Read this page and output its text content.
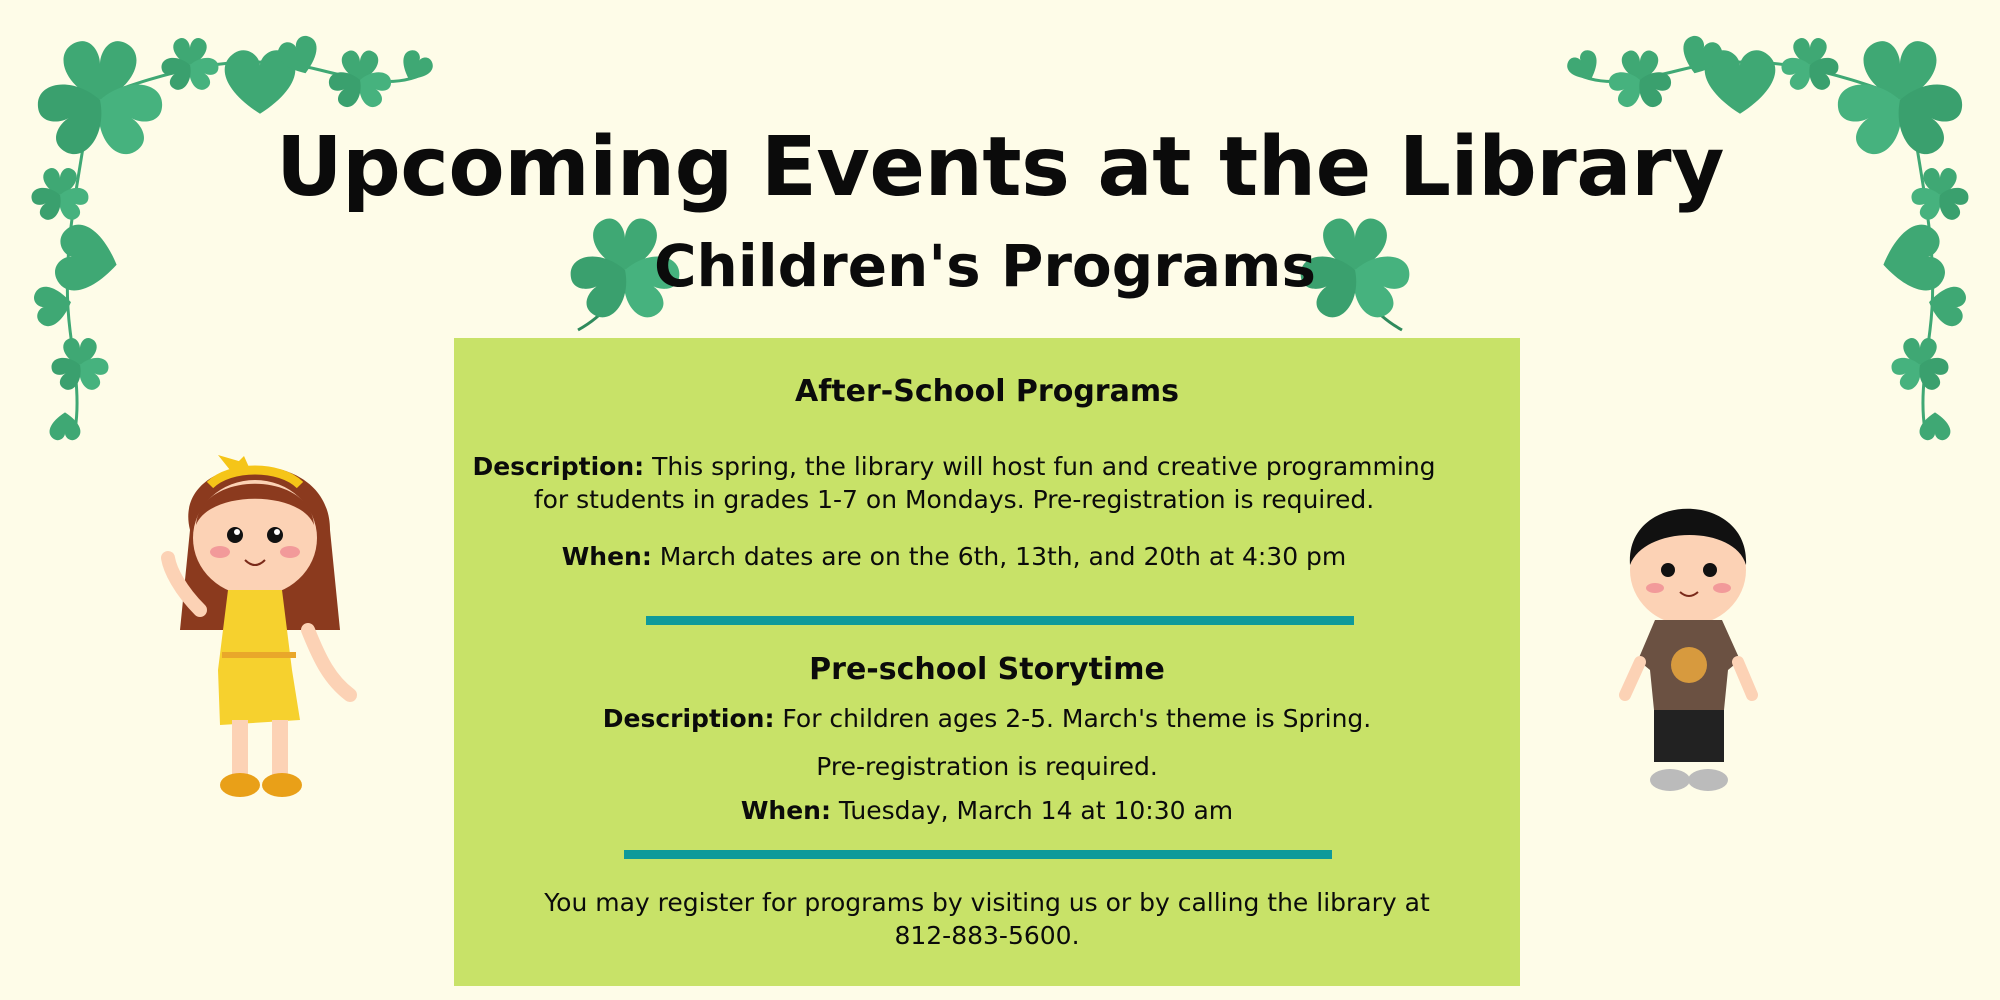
Upcoming Events at the Library
Children's Programs
After-School Programs
Description: This spring, the library will host fun and creative programming
for students in grades 1-7 on Mondays. Pre-registration is required.
When: March dates are on the 6th, 13th, and 20th at 4:30 pm
Pre-school Storytime
Description: For children ages 2-5. March's theme is Spring.
Pre-registration is required.
When: Tuesday, March 14 at 10:30 am
You may register for programs by visiting us or by calling the library at
812-883-5600.
